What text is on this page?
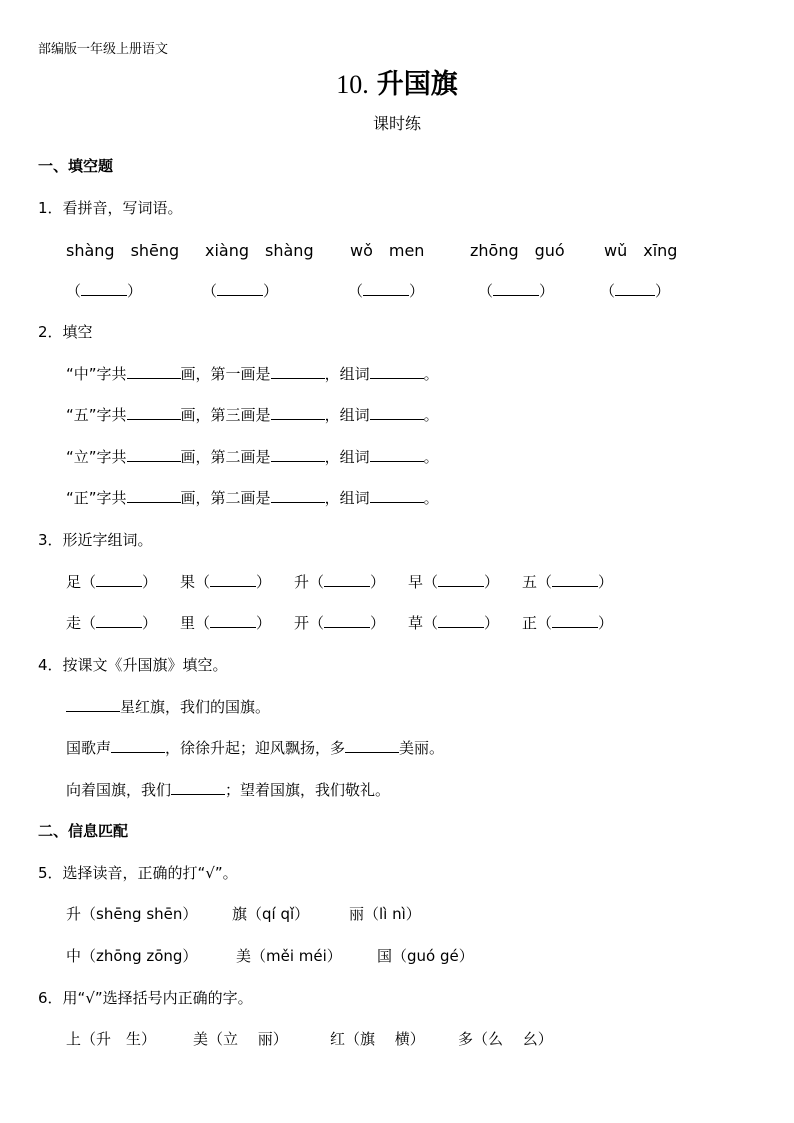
部编版一年级上册语文
10. 升国旗
课时练
一、填空题
1．看拼音，写词语。
shàng　shēng xiàng　shàng wǒ　men	zhōng　guó wǔ　xīng
（	）	（	）	（	）	（	）	（	）
2．填空
“中”字共	画，第一画是	，组词	。
“五”字共	画，第三画是	，组词	。
“立”字共	画，第二画是	，组词	。
“正”字共	画，第二画是	，组词	。
3．形近字组词。
足（	） 果（	） 升（	） 早（	） 五（	）
走（	） 里（	） 开（	） 草（	） 正（	）
4．按课文《升国旗》填空。
星红旗，我们的国旗。
国歌声	，徐徐升起；迎风飘扬，多	美丽。
向着国旗，我们	；望着国旗，我们敬礼。
二、信息匹配
5．选择读音，正确的打“√”。
升（shēng shēn） 旗（qí qǐ）	丽（lì nì）
中（zhōng zōng）	美（měi méi） 国（guó gé）
6．用“√”选择括号内正确的字。
上（升　生） 美（立　 丽）	红（旗　 横） 多（么　 幺）
